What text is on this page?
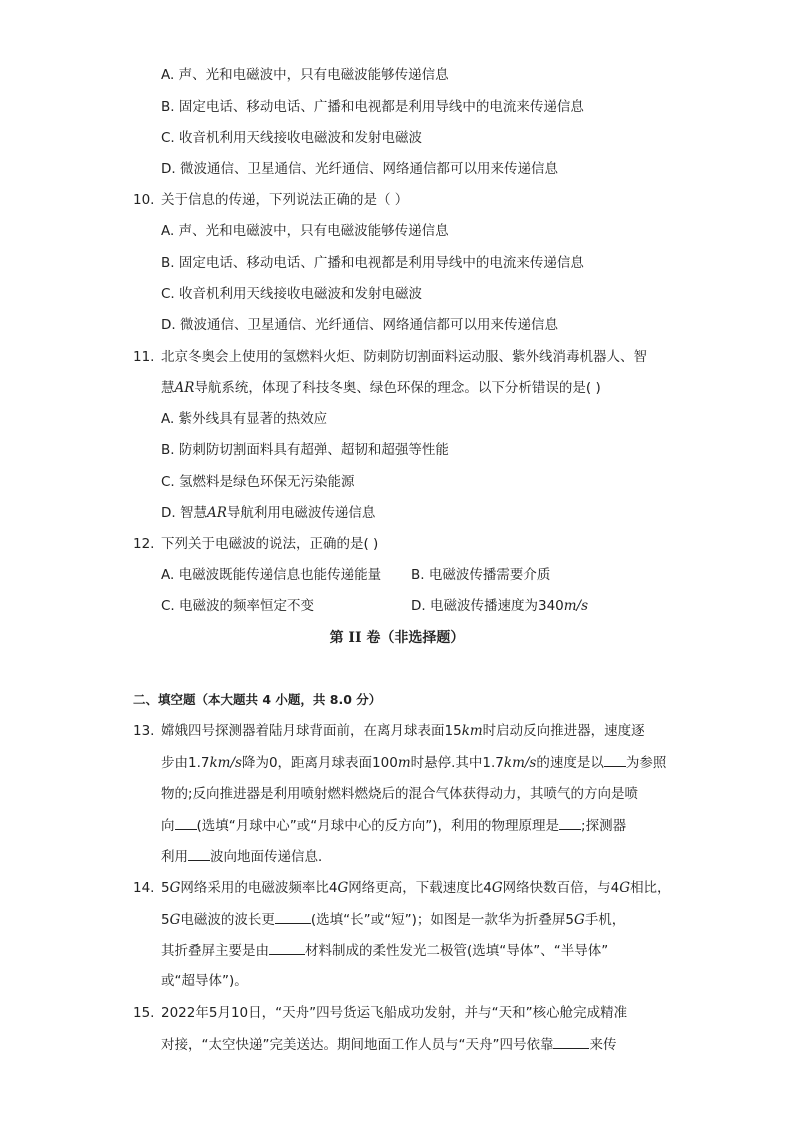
A. 声、光和电磁波中，只有电磁波能够传递信息
B. 固定电话、移动电话、广播和电视都是利用导线中的电流来传递信息
C. 收音机利用天线接收电磁波和发射电磁波
D. 微波通信、卫星通信、光纤通信、网络通信都可以用来传递信息
10. 关于信息的传递，下列说法正确的是（ ）
A. 声、光和电磁波中，只有电磁波能够传递信息
B. 固定电话、移动电话、广播和电视都是利用导线中的电流来传递信息
C. 收音机利用天线接收电磁波和发射电磁波
D. 微波通信、卫星通信、光纤通信、网络通信都可以用来传递信息
11. 北京冬奥会上使用的氢燃料火炬、防刺防切割面料运动服、紫外线消毒机器人、智
慧AR导航系统，体现了科技冬奥、绿色环保的理念。以下分析错误的是( )
A. 紫外线具有显著的热效应
B. 防刺防切割面料具有超弹、超韧和超强等性能
C. 氢燃料是绿色环保无污染能源
D. 智慧AR导航利用电磁波传递信息
12. 下列关于电磁波的说法，正确的是( )
A. 电磁波既能传递信息也能传递能量 B. 电磁波传播需要介质
C. 电磁波的频率恒定不变	D. 电磁波传播速度为340m/s
第 II 卷（非选择题）
二、填空题（本大题共 4 小题，共 8.0 分）
13. 嫦娥四号探测器着陆月球背面前，在离月球表面15km时启动反向推进器，速度逐
步由1.7km/s降为0，距离月球表面100m时悬停.其中1.7km/s的速度是以 为参照
物的;反向推进器是利用喷射燃料燃烧后的混合气体获得动力，其喷气的方向是喷
向 (选填“月球中心”或“月球中心的反方向”)，利用的物理原理是 ;探测器
利用 波向地面传递信息．
14. 5G网络采用的电磁波频率比4G网络更高，下载速度比4G网络快数百倍，与4G相比，
5G电磁波的波长更	(选填“长”或“短”)；如图是一款华为折叠屏5G手机，
其折叠屏主要是由	材料制成的柔性发光二极管(选填“导体”、“半导体”
或“超导体”)。
15. 2022年5月10日，“天舟”四号货运飞船成功发射，并与“天和”核心舱完成精准
对接，“太空快递”完美送达。期间地面工作人员与“天舟”四号依靠	来传
